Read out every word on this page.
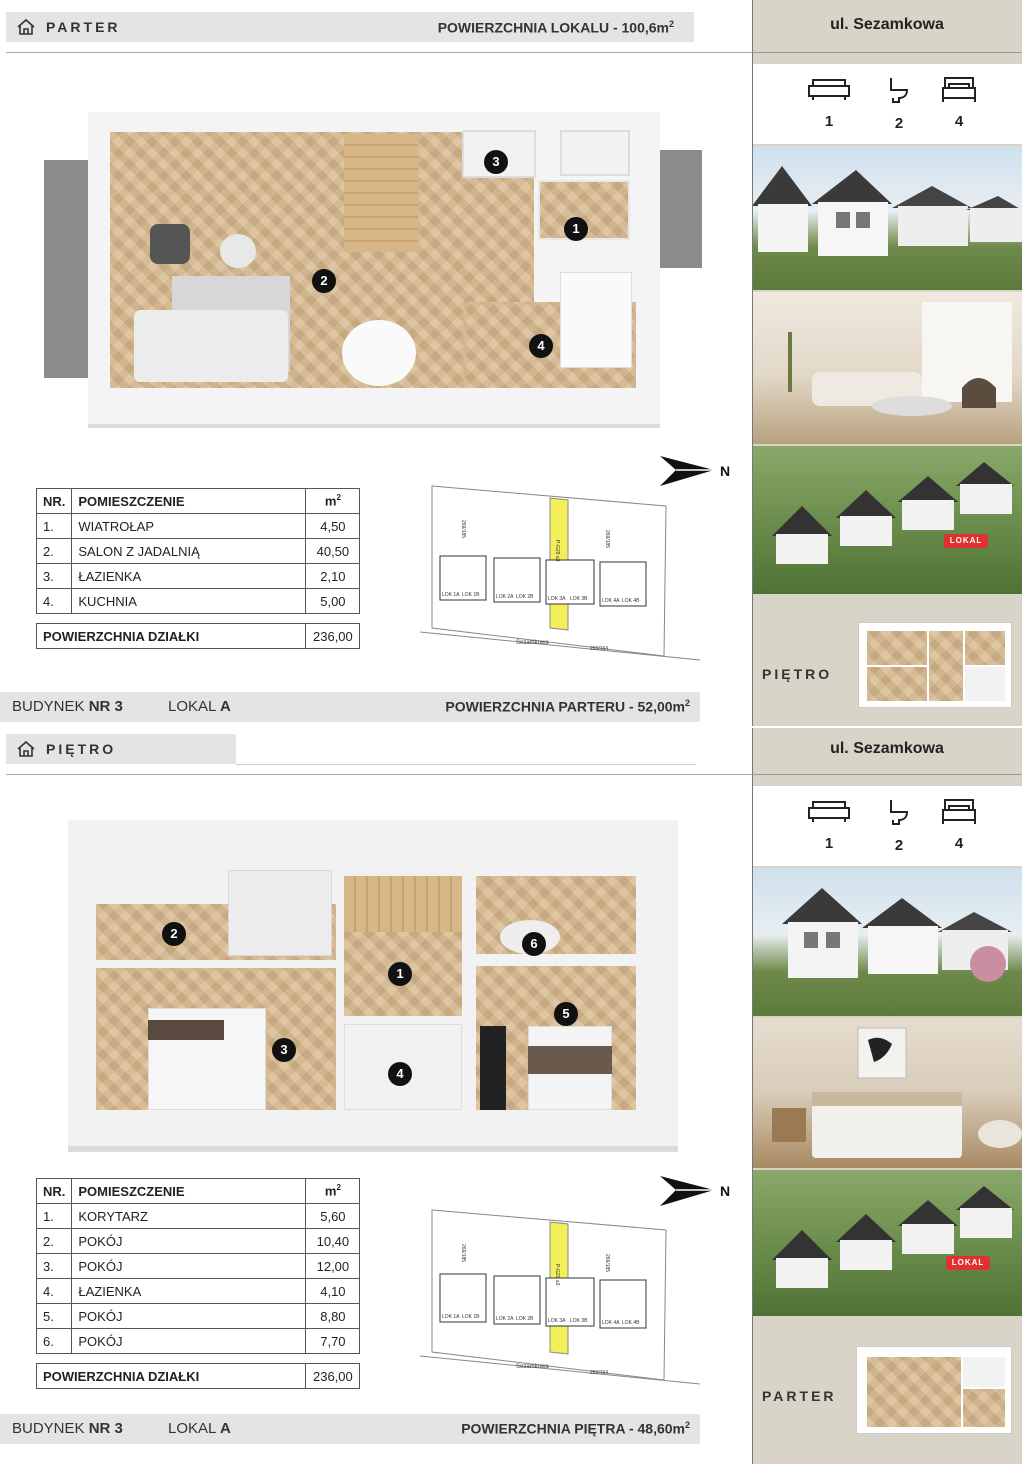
PARTER	POWIERZCHNIA LOKALU - $100,6m^2$
1
2
3
4
NR.	POMIESZCZENIE	$m^2$
1.	WIATROŁAP	4,50
2.	SALON Z JADALNIĄ	40,50
3.	ŁAZIENKA	2,10
4.	KUCHNIA	5,00

POWIERZCHNIA DZIAŁKI		236,00
N
LOK 1A LOK 1B	LOK 2A LOK 2B	LOK 3A LOK 3B	LOK 4A LOK 4B
Sezamkowa
269/164
269/185
269/185
P-G29 a3
BUDYNEK NR 3	LOKAL A	POWIERZCHNIA PARTERU - $52,00m^2$
ul. Sezamkowa
1	2	4
LOKAL
PIĘTRO
PIĘTRO
1
2
3
4
5
6
NR.	POMIESZCZENIE	$m^2$
1.	KORYTARZ	5,60
2.	POKÓJ	10,40
3.	POKÓJ	12,00
4.	ŁAZIENKA	4,10
5.	POKÓJ	8,80
6.	POKÓJ	7,70

POWIERZCHNIA DZIAŁKI		236,00
N
LOK 1A LOK 1B	LOK 2A LOK 2B	LOK 3A LOK 3B	LOK 4A LOK 4B
Sezamkowa
269/164
269/185
269/185
P-G29 a3
BUDYNEK NR 3	LOKAL A	POWIERZCHNIA PIĘTRA - $48,60m^2$
ul. Sezamkowa
1	2	4
LOKAL
PARTER
